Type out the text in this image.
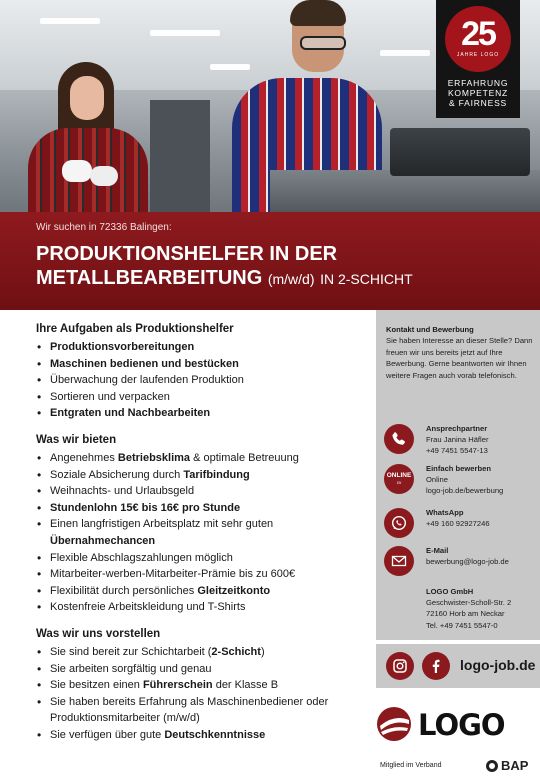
25
JAHRE LOGO
ERFAHRUNG
KOMPETENZ
& FAIRNESS
Wir suchen in 72336 Balingen:
PRODUKTIONSHELFER IN DER
METALLBEARBEITUNG (m/w/d) IN 2-SCHICHT
Ihre Aufgaben als Produktionshelfer
• Produktionsvorbereitungen
• Maschinen bedienen und bestücken
• Überwachung der laufenden Produktion
• Sortieren und verpacken
• Entgraten und Nachbearbeiten
Was wir bieten
• Angenehmes Betriebsklima & optimale Betreuung
• Soziale Absicherung durch Tarifbindung
• Weihnachts- und Urlaubsgeld
• Stundenlohn 15€ bis 16€ pro Stunde
• Einen langfristigen Arbeitsplatz mit sehr guten Übernahmechancen
• Flexible Abschlagszahlungen möglich
• Mitarbeiter-werben-Mitarbeiter-Prämie bis zu 600€
• Flexibilität durch persönliches Gleitzeitkonto
• Kostenfreie Arbeitskleidung und T-Shirts
Was wir uns vorstellen
• Sie sind bereit zur Schichtarbeit (2-Schicht)
• Sie arbeiten sorgfältig und genau
• Sie besitzen einen Führerschein der Klasse B
• Sie haben bereits Erfahrung als Maschinenbediener oder Produktionsmitarbeiter (m/w/d)
• Sie verfügen über gute Deutschkenntnisse
Kontakt und Bewerbung
Sie haben Interesse an dieser Stelle? Dann freuen wir uns bereits jetzt auf Ihre Bewerbung. Gerne beantworten wir Ihnen weitere Fragen auch vorab telefonisch.
Ansprechpartner
Frau Janina Häfler
+49 7451 5547-13
ONLINE
cv
Einfach bewerben
Online
logo-job.de/bewerbung
WhatsApp
+49 160 92927246
E-Mail
bewerbung@logo-job.de
LOGO GmbH
Geschwister-Scholl-Str. 2
72160 Horb am Neckar
Tel. +49 7451 5547-0
logo-job.de
LOGO
Mitglied im Verband	BAP
